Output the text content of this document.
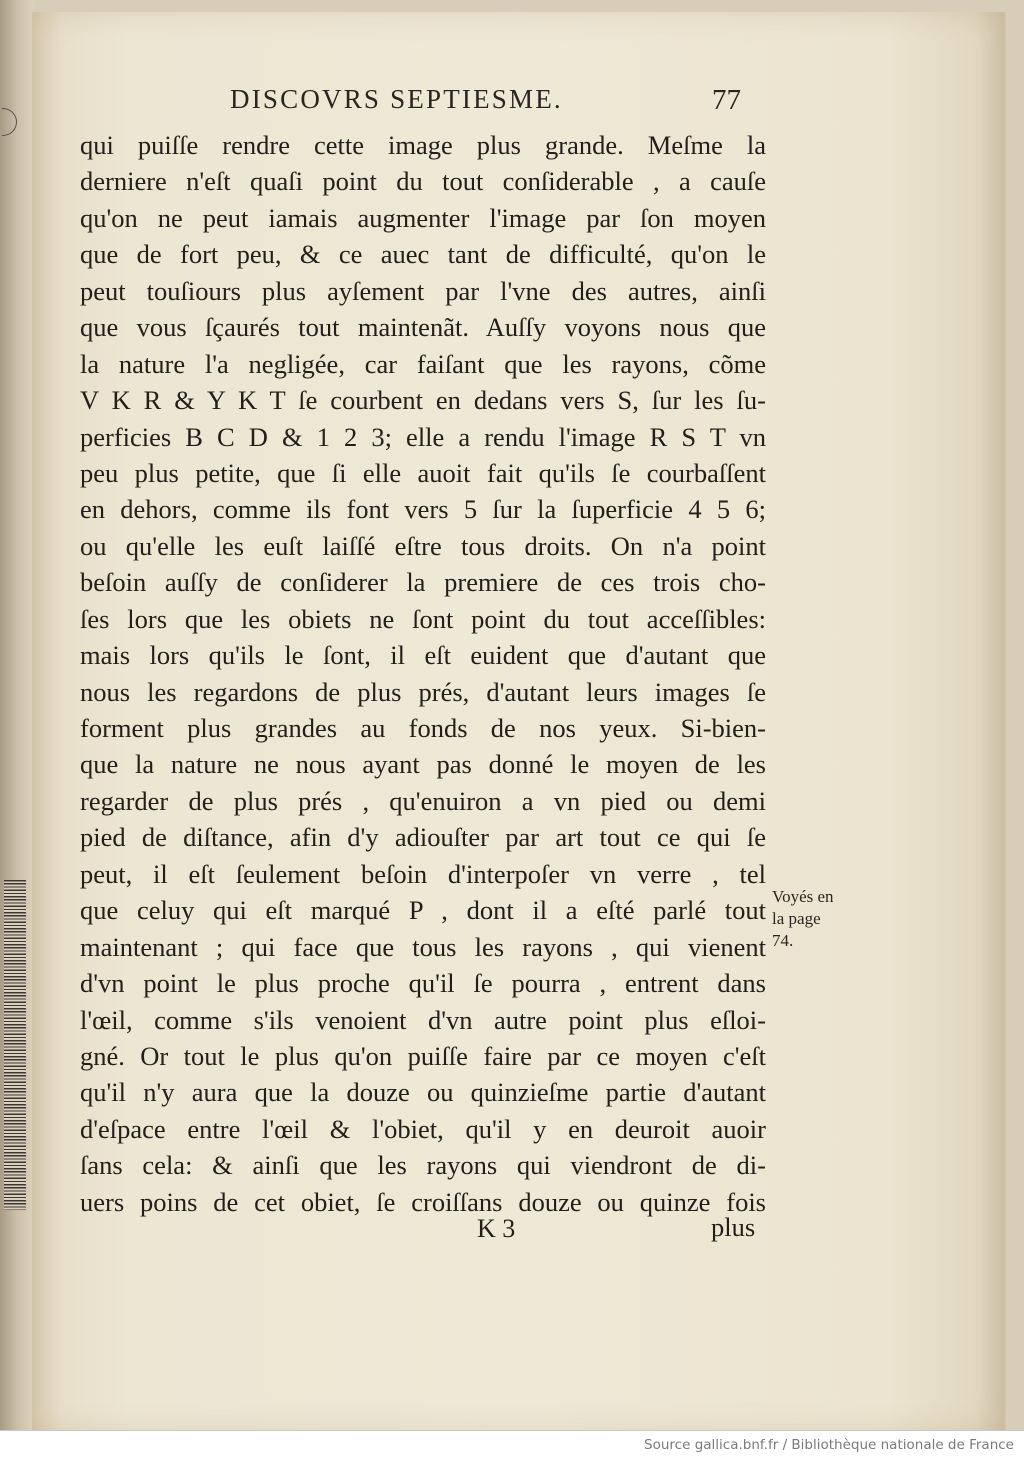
DISCOVRS SEPTIESME.	77
qui puiſſe rendre cette image plus grande. Meſme la
derniere n'eſt quaſi point du tout conſiderable , a cauſe
qu'on ne peut iamais augmenter l'image par ſon moyen
que de fort peu, & ce auec tant de difficulté, qu'on le
peut touſiours plus ayſement par l'vne des autres, ainſi
que vous ſçaurés tout maintenãt. Auſſy voyons nous que
la nature l'a negligée, car faiſant que les rayons, cõme
V K R & Y K T ſe courbent en dedans vers S, ſur les ſu-
perficies B C D & 1 2 3; elle a rendu l'image R S T vn
peu plus petite, que ſi elle auoit fait qu'ils ſe courbaſſent
en dehors, comme ils font vers 5 ſur la ſuperficie 4 5 6;
ou qu'elle les euſt laiſſé eſtre tous droits. On n'a point
beſoin auſſy de conſiderer la premiere de ces trois cho-
ſes lors que les obiets ne ſont point du tout acceſſibles:
mais lors qu'ils le ſont, il eſt euident que d'autant que
nous les regardons de plus prés, d'autant leurs images ſe
forment plus grandes au fonds de nos yeux. Si-bien-
que la nature ne nous ayant pas donné le moyen de les
regarder de plus prés , qu'enuiron a vn pied ou demi
pied de diſtance, afin d'y adiouſter par art tout ce qui ſe
peut, il eſt ſeulement beſoin d'interpoſer vn verre , tel
que celuy qui eſt marqué P , dont il a eſté parlé tout
maintenant ; qui face que tous les rayons , qui vienent
d'vn point le plus proche qu'il ſe pourra , entrent dans
l'œil, comme s'ils venoient d'vn autre point plus eſloi-
gné. Or tout le plus qu'on puiſſe faire par ce moyen c'eſt
qu'il n'y aura que la douze ou quinzieſme partie d'autant
d'eſpace entre l'œil & l'obiet, qu'il y en deuroit auoir
ſans cela: & ainſi que les rayons qui viendront de di-
uers poins de cet obiet, ſe croiſſans douze ou quinze fois
Voyés en
la page
74.
K 3	plus
Source gallica.bnf.fr / Bibliothèque nationale de France
